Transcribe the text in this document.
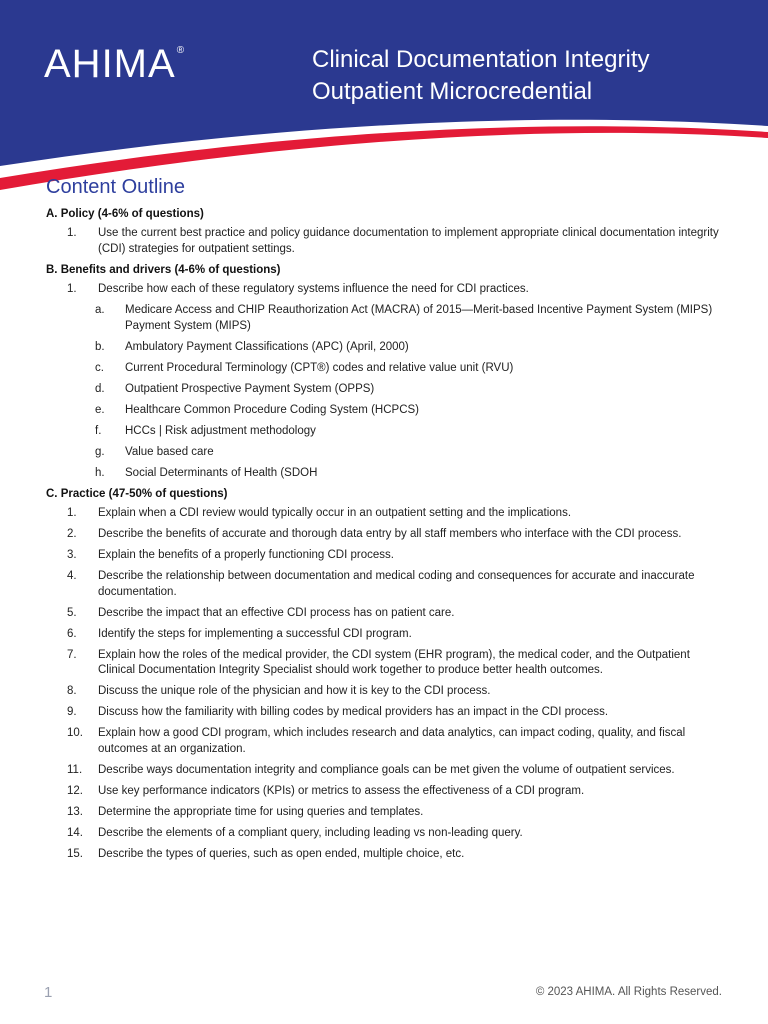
AHIMA®	Clinical Documentation Integrity
Outpatient Microcredential
Content Outline
A. Policy (4-6% of questions)
1. Use the current best practice and policy guidance documentation to implement appropriate clinical documentation integrity (CDI) strategies for outpatient settings.
B. Benefits and drivers (4-6% of questions)
1. Describe how each of these regulatory systems influence the need for CDI practices.
a. Medicare Access and CHIP Reauthorization Act (MACRA) of 2015—Merit-based Incentive Payment System (MIPS) Payment System (MIPS)
b. Ambulatory Payment Classifications (APC) (April, 2000)
c. Current Procedural Terminology (CPT®) codes and relative value unit (RVU)
d. Outpatient Prospective Payment System (OPPS)
e. Healthcare Common Procedure Coding System (HCPCS)
f. HCCs | Risk adjustment methodology
g. Value based care
h. Social Determinants of Health (SDOH
C. Practice (47-50% of questions)
1. Explain when a CDI review would typically occur in an outpatient setting and the implications.
2. Describe the benefits of accurate and thorough data entry by all staff members who interface with the CDI process.
3. Explain the benefits of a properly functioning CDI process.
4. Describe the relationship between documentation and medical coding and consequences for accurate and inaccurate documentation.
5. Describe the impact that an effective CDI process has on patient care.
6. Identify the steps for implementing a successful CDI program.
7. Explain how the roles of the medical provider, the CDI system (EHR program), the medical coder, and the Outpatient Clinical Documentation Integrity Specialist should work together to produce better health outcomes.
8. Discuss the unique role of the physician and how it is key to the CDI process.
9. Discuss how the familiarity with billing codes by medical providers has an impact in the CDI process.
10. Explain how a good CDI program, which includes research and data analytics, can impact coding, quality, and fiscal outcomes at an organization.
11. Describe ways documentation integrity and compliance goals can be met given the volume of outpatient services.
12. Use key performance indicators (KPIs) or metrics to assess the effectiveness of a CDI program.
13. Determine the appropriate time for using queries and templates.
14. Describe the elements of a compliant query, including leading vs non-leading query.
15. Describe the types of queries, such as open ended, multiple choice, etc.
1	© 2023 AHIMA. All Rights Reserved.
